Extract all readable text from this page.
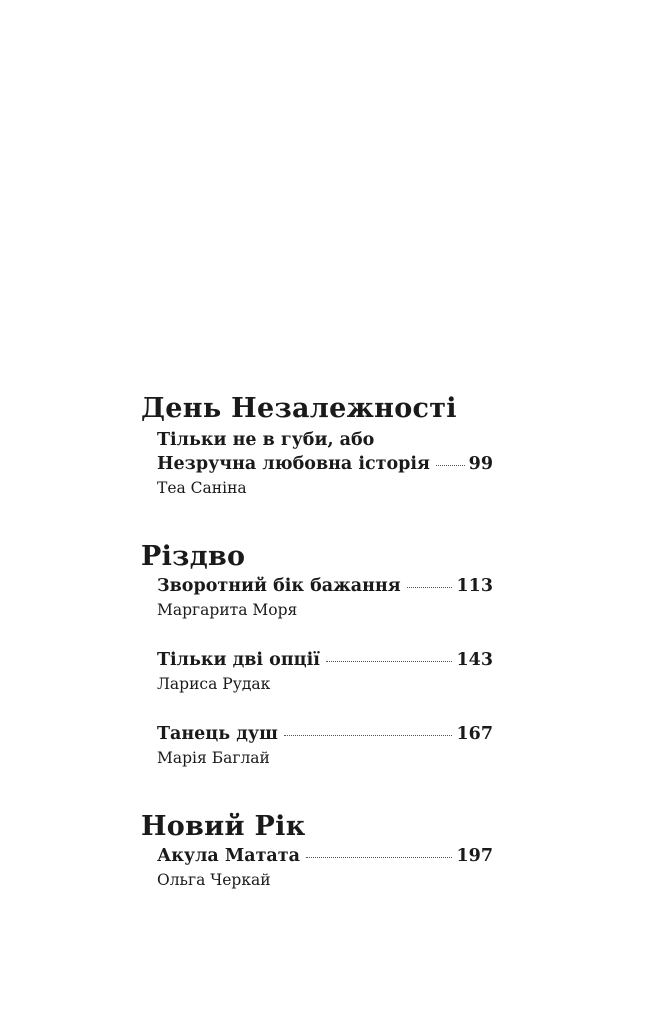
День Незалежності
Тільки не в губи, або
Незручна любовна історія 99
Теа Саніна
Різдво
Зворотний бік бажання	113
Маргарита Моря
Тільки дві опції	143
Лариса Рудак
Танець душ	167
Марія Баглай
Новий Рік
Акула Матата	197
Ольга Черкай
